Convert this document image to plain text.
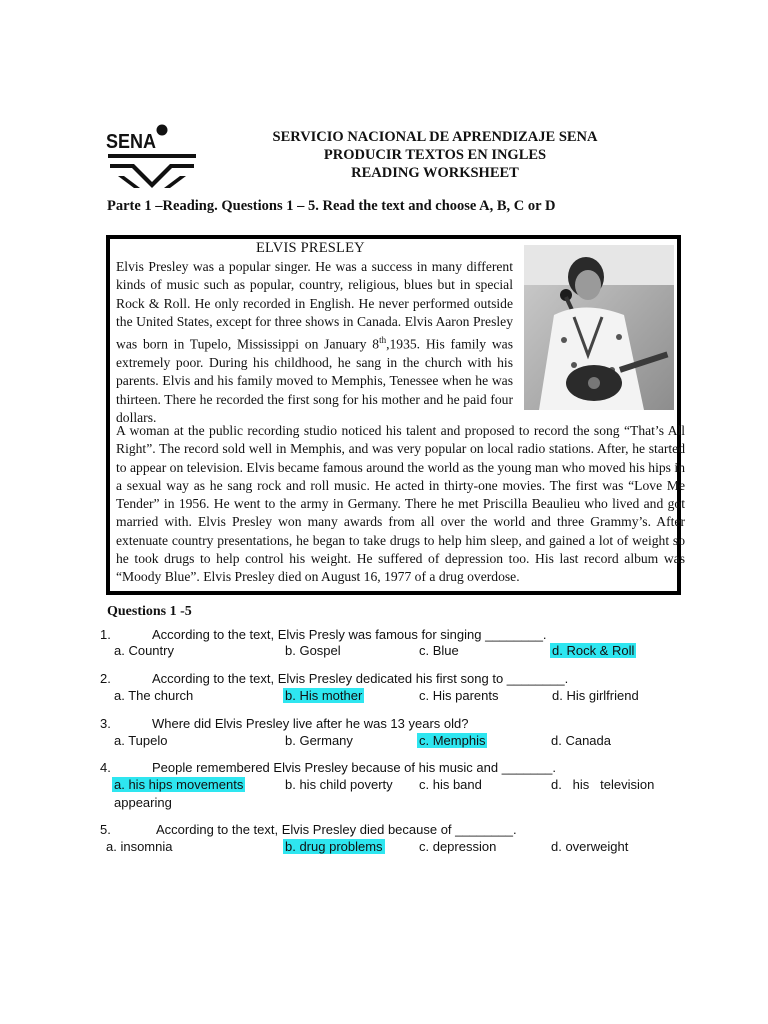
SENA	SERVICIO NACIONAL DE APRENDIZAJE SENA
PRODUCIR TEXTOS EN INGLES
READING WORKSHEET
Parte 1 –Reading. Questions 1 – 5. Read the text and choose A, B, C or D
ELVIS PRESLEY
Elvis Presley was a popular singer. He was a success in many different kinds of music such as popular, country, religious, blues but in special Rock & Roll. He only recorded in English. He never performed outside the United States, except for three shows in Canada. Elvis Aaron Presley was born in Tupelo, Mississippi on January 8th,1935. His family was extremely poor. During his childhood, he sang in the church with his parents. Elvis and his family moved to Memphis, Tenessee when he was thirteen. There he recorded the first song for his mother and he paid four dollars.
A woman at the public recording studio noticed his talent and proposed to record the song “That’s All Right”. The record sold well in Memphis, and was very popular on local radio stations. After, he started to appear on television. Elvis became famous around the world as the young man who moved his hips in a sexual way as he sang rock and roll music. He acted in thirty-one movies. The first was “Love Me Tender” in 1956. He went to the army in Germany. There he met Priscilla Beaulieu who lived and got married with. Elvis Presley won many awards from all over the world and three Grammy’s. After extenuate country presentations, he began to take drugs to help him sleep, and gained a lot of weight so he took drugs to help control his weight. He suffered of depression too. His last record album was “Moody Blue”. Elvis Presley died on August 16, 1977 of a drug overdose.
Questions 1 -5
1.	According to the text, Elvis Presly was famous for singing ________.
a. Country	b. Gospel	c. Blue	d. Rock & Roll
2.	According to the text, Elvis Presley dedicated his first song to ________.
a. The church	b. His mother	c. His parents	d. His girlfriend
3.	Where did Elvis Presley live after he was 13 years old?
a. Tupelo	b. Germany	c. Memphis	d. Canada
4.	People remembered Elvis Presley because of his music and _______.
a. his hips movements	b. his child poverty c. his band	d.   his   television
appearing
5.	According to the text, Elvis Presley died because of ________.
a. insomnia	b. drug problems	c. depression	d. overweight
